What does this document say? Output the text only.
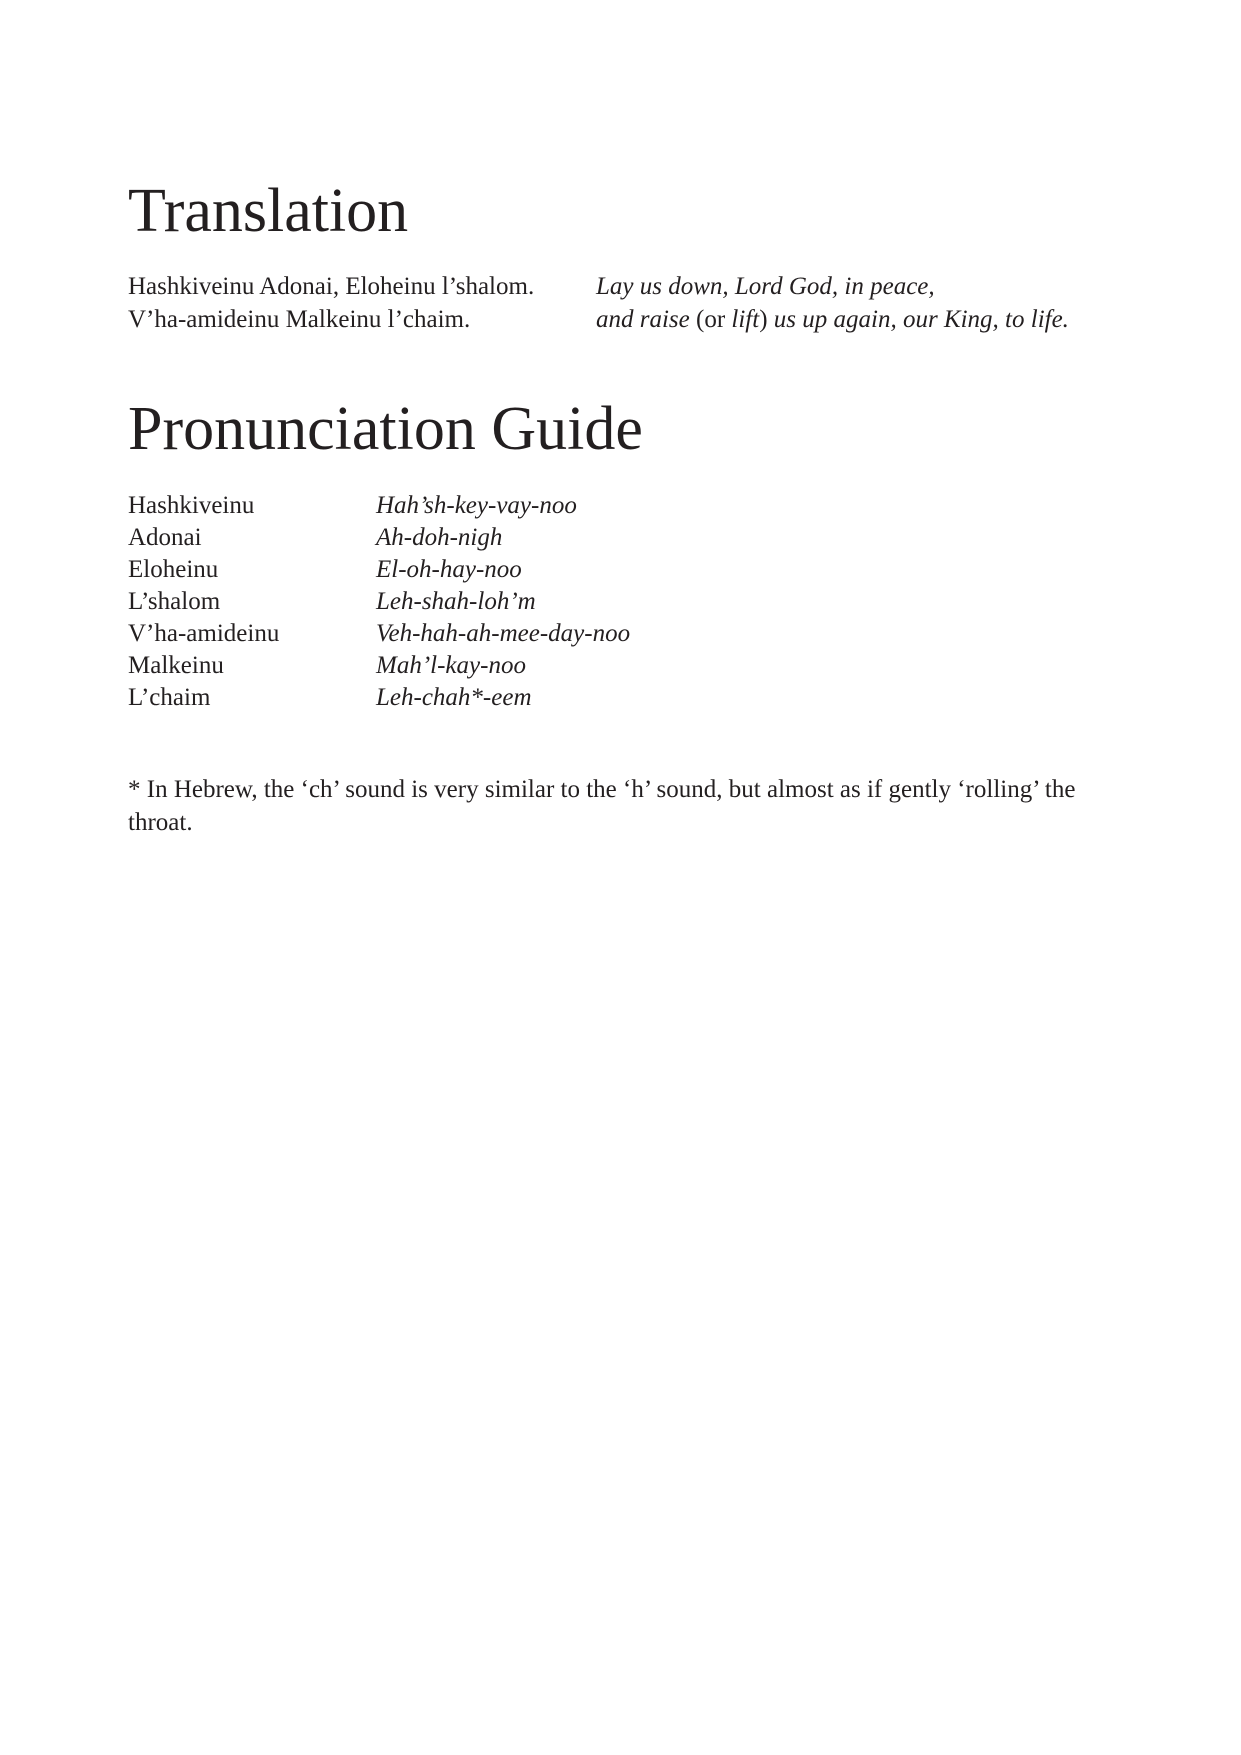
Translation
Hashkiveinu Adonai, Eloheinu l’shalom.	Lay us down, Lord God, in peace,
V’ha-amideinu Malkeinu l’chaim.	and raise (or lift) us up again, our King, to life.
Pronunciation Guide
Hashkiveinu	Hah’sh-key-vay-noo
Adonai	Ah-doh-nigh
Eloheinu	El-oh-hay-noo
L’shalom	Leh-shah-loh’m
V’ha-amideinu	Veh-hah-ah-mee-day-noo
Malkeinu	Mah’l-kay-noo
L’chaim	Leh-chah*-eem

* In Hebrew, the ‘ch’ sound is very similar to the ‘h’ sound, but almost as if gently ‘rolling’ the throat.
